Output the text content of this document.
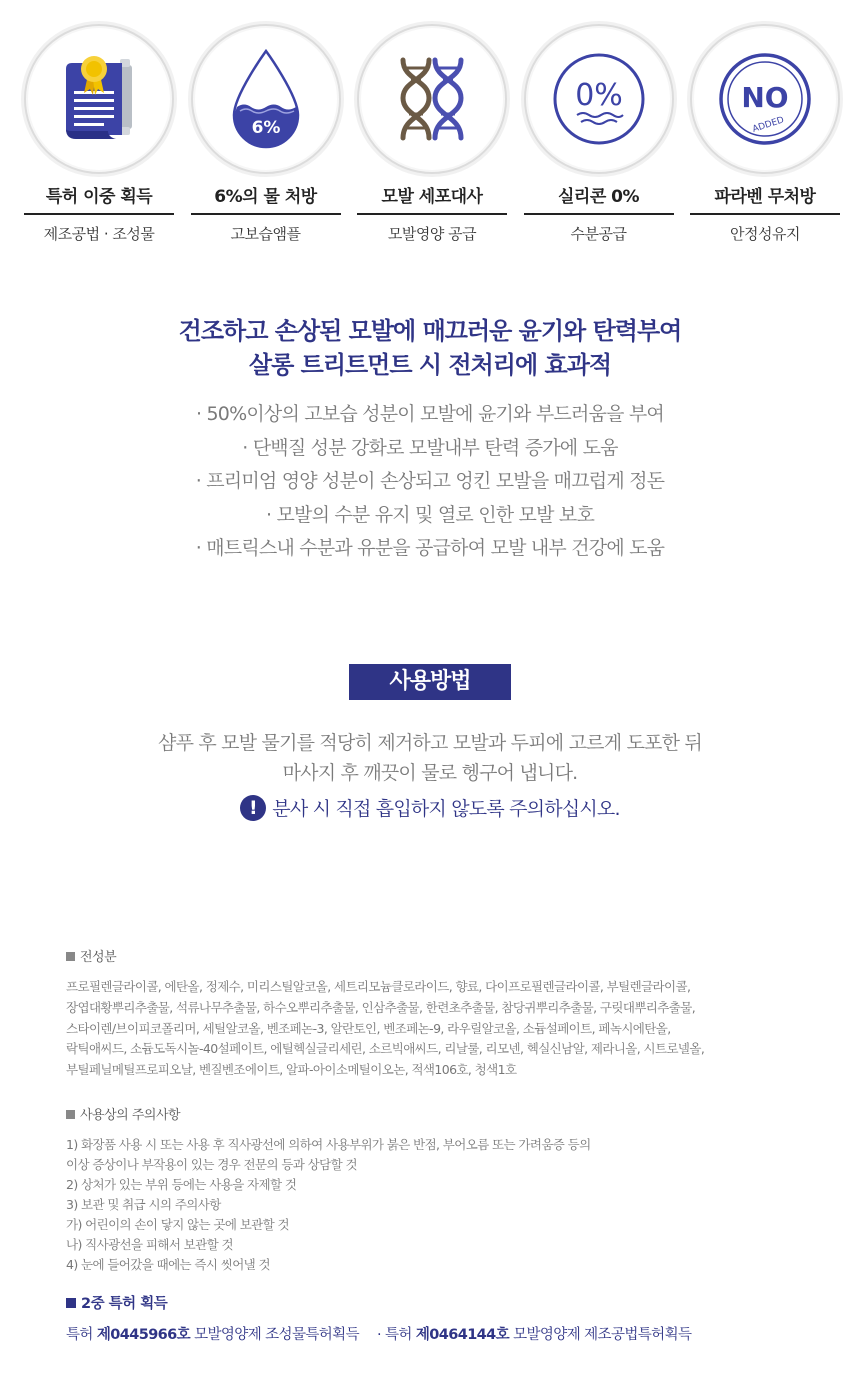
특허 이중 획득
제조공법 · 조성물
6%
6%의 물 처방
고보습앰플
모발 세포대사
모발영양 공급
0%
실리콘 0%
수분공급
NO
ADDED
파라벤 무처방
안정성유지
건조하고 손상된 모발에 매끄러운 윤기와 탄력부여
살롱 트리트먼트 시 전처리에 효과적
· 50%이상의 고보습 성분이 모발에 윤기와 부드러움을 부여
· 단백질 성분 강화로 모발내부 탄력 증가에 도움
· 프리미엄 영양 성분이 손상되고 엉킨 모발을 매끄럽게 정돈
· 모발의 수분 유지 및 열로 인한 모발 보호
· 매트릭스내 수분과 유분을 공급하여 모발 내부 건강에 도움
사용방법
샴푸 후 모발 물기를 적당히 제거하고 모발과 두피에 고르게 도포한 뒤
마사지 후 깨끗이 물로 헹구어 냅니다.
! 분사 시 직접 흡입하지 않도록 주의하십시오.
전성분
프로필렌글라이콜, 에탄올, 정제수, 미리스틸알코올, 세트리모늄클로라이드, 향료, 다이프로필렌글라이콜, 부틸렌글라이콜,
장엽대황뿌리추출물, 석류나무추출물, 하수오뿌리추출물, 인삼추출물, 한련초추출물, 참당귀뿌리추출물, 구릿대뿌리추출물,
스타이렌/브이피코폴리머, 세틸알코올, 벤조페논-3, 알란토인, 벤조페논-9, 라우릴알코올, 소듐설페이트, 페녹시에탄올,
락틱애씨드, 소듐도독시놀-40설페이트, 에틸헥실글리세린, 소르빅애씨드, 리날룰, 리모넨, 헥실신남알, 제라니올, 시트로넬올,
부틸페닐메틸프로피오날, 벤질벤조에이트, 알파-아이소메틸이오논, 적색106호, 청색1호
사용상의 주의사항
1) 화장품 사용 시 또는 사용 후 직사광선에 의하여 사용부위가 붉은 반점, 부어오름 또는 가려움증 등의
이상 증상이나 부작용이 있는 경우 전문의 등과 상담할 것
2) 상처가 있는 부위 등에는 사용을 자제할 것
3) 보관 및 취급 시의 주의사항
가) 어린이의 손이 닿지 않는 곳에 보관할 것
나) 직사광선을 피해서 보관할 것
4) 눈에 들어갔을 때에는 즉시 씻어낼 것
2중 특허 획득
특허 제0445966호 모발영양제 조성물특허획득 · 특허 제0464144호 모발영양제 제조공법특허획득
